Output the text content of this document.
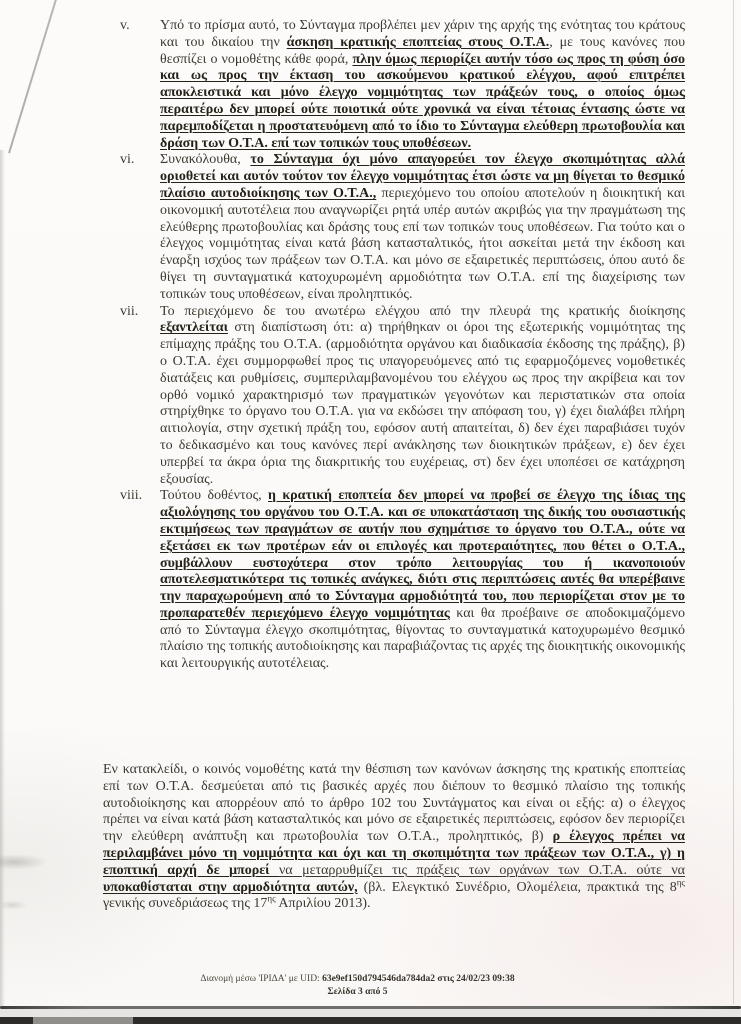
v.	Υπό το πρίσμα αυτό, το Σύνταγμα προβλέπει μεν χάριν της αρχής της ενότητας του κράτους και του δικαίου την άσκηση κρατικής εποπτείας στους Ο.Τ.Α., με τους κανόνες που θεσπίζει ο νομοθέτης κάθε φορά, πλην όμως περιορίζει αυτήν τόσο ως προς τη φύση όσο και ως προς την έκταση του ασκούμενου κρατικού ελέγχου, αφού επιτρέπει αποκλειστικά και μόνο έλεγχο νομιμότητας των πράξεών τους, ο οποίος όμως περαιτέρω δεν μπορεί ούτε ποιοτικά ούτε χρονικά να είναι τέτοιας έντασης ώστε να παρεμποδίζεται η προστατευόμενη από το ίδιο το Σύνταγμα ελεύθερη πρωτοβουλία και δράση των Ο.Τ.Α. επί των τοπικών τους υποθέσεων.
vi.	Συνακόλουθα, το Σύνταγμα όχι μόνο απαγορεύει τον έλεγχο σκοπιμότητας αλλά οριοθετεί και αυτόν τούτον τον έλεγχο νομιμότητας έτσι ώστε να μη θίγεται το θεσμικό πλαίσιο αυτοδιοίκησης των Ο.Τ.Α., περιεχόμενο του οποίου αποτελούν η διοικητική και οικονομική αυτοτέλεια που αναγνωρίζει ρητά υπέρ αυτών ακριβώς για την πραγμάτωση της ελεύθερης πρωτοβουλίας και δράσης τους επί των τοπικών τους υποθέσεων. Για τούτο και ο έλεγχος νομιμότητας είναι κατά βάση κατασταλτικός, ήτοι ασκείται μετά την έκδοση και έναρξη ισχύος των πράξεων των Ο.Τ.Α. και μόνο σε εξαιρετικές περιπτώσεις, όπου αυτό δε θίγει τη συνταγματικά κατοχυρωμένη αρμοδιότητα των Ο.Τ.Α. επί της διαχείρισης των τοπικών τους υποθέσεων, είναι προληπτικός.
vii.	Το περιεχόμενο δε του ανωτέρω ελέγχου από την πλευρά της κρατικής διοίκησης εξαντλείται στη διαπίστωση ότι: α) τηρήθηκαν οι όροι της εξωτερικής νομιμότητας της επίμαχης πράξης του Ο.Τ.Α. (αρμοδιότητα οργάνου και διαδικασία έκδοσης της πράξης), β) ο Ο.Τ.Α. έχει συμμορφωθεί προς τις υπαγορευόμενες από τις εφαρμοζόμενες νομοθετικές διατάξεις και ρυθμίσεις, συμπεριλαμβανομένου του ελέγχου ως προς την ακρίβεια και τον ορθό νομικό χαρακτηρισμό των πραγματικών γεγονότων και περιστατικών στα οποία στηρίχθηκε το όργανο του Ο.Τ.Α. για να εκδώσει την απόφαση του, γ) έχει διαλάβει πλήρη αιτιολογία, στην σχετική πράξη του, εφόσον αυτή απαιτείται, δ) δεν έχει παραβιάσει τυχόν το δεδικασμένο και τους κανόνες περί ανάκλησης των διοικητικών πράξεων, ε) δεν έχει υπερβεί τα άκρα όρια της διακριτικής του ευχέρειας, στ) δεν έχει υποπέσει σε κατάχρηση εξουσίας.
viii.	Τούτου δοθέντος, η κρατική εποπτεία δεν μπορεί να προβεί σε έλεγχο της ίδιας της αξιολόγησης του οργάνου του Ο.Τ.Α. και σε υποκατάσταση της δικής του ουσιαστικής εκτιμήσεως των πραγμάτων σε αυτήν που σχημάτισε το όργανο του Ο.Τ.Α., ούτε να εξετάσει εκ των προτέρων εάν οι επιλογές και προτεραιότητες, που θέτει ο Ο.Τ.Α., συμβάλλουν ευστοχότερα στον τρόπο λειτουργίας του ή ικανοποιούν αποτελεσματικότερα τις τοπικές ανάγκες, διότι στις περιπτώσεις αυτές θα υπερέβαινε την παραχωρούμενη από το Σύνταγμα αρμοδιότητά του, που περιορίζεται στον με το προπαρατεθέν περιεχόμενο έλεγχο νομιμότητας και θα προέβαινε σε αποδοκιμαζόμενο από το Σύνταγμα έλεγχο σκοπιμότητας, θίγοντας το συνταγματικά κατοχυρωμένο θεσμικό πλαίσιο της τοπικής αυτοδιοίκησης και παραβιάζοντας τις αρχές της διοικητικής οικονομικής και λειτουργικής αυτοτέλειας.
Εν κατακλείδι, ο κοινός νομοθέτης κατά την θέσπιση των κανόνων άσκησης της κρατικής εποπτείας επί των Ο.Τ.Α. δεσμεύεται από τις βασικές αρχές που διέπουν το θεσμικό πλαίσιο της τοπικής αυτοδιοίκησης και απορρέουν από το άρθρο 102 του Συντάγματος και είναι οι εξής: α) ο έλεγχος πρέπει να είναι κατά βάση κατασταλτικός και μόνο σε εξαιρετικές περιπτώσεις, εφόσον δεν περιορίζει την ελεύθερη ανάπτυξη και πρωτοβουλία των Ο.Τ.Α., προληπτικός, β) ρ έλεγχος πρέπει να περιλαμβάνει μόνο τη νομιμότητα και όχι και τη σκοπιμότητα των πράξεων των Ο.Τ.Α., γ) η εποπτική αρχή δε μπορεί να μεταρρυθμίζει τις πράξεις των οργάνων των Ο.Τ.Α. ούτε να υποκαθίσταται στην αρμοδιότητα αυτών, (βλ. Ελεγκτικό Συνέδριο, Ολομέλεια, πρακτικά της $8^{\eta\varsigma}$ γενικής συνεδριάσεως της $17^{\eta\varsigma}$ Απριλίου 2013).
Διανομή μέσω 'ΙΡΙΔΑ' με UID: 63e9ef150d794546da784da2 στις 24/02/23 09:38
Σελίδα 3 από 5
